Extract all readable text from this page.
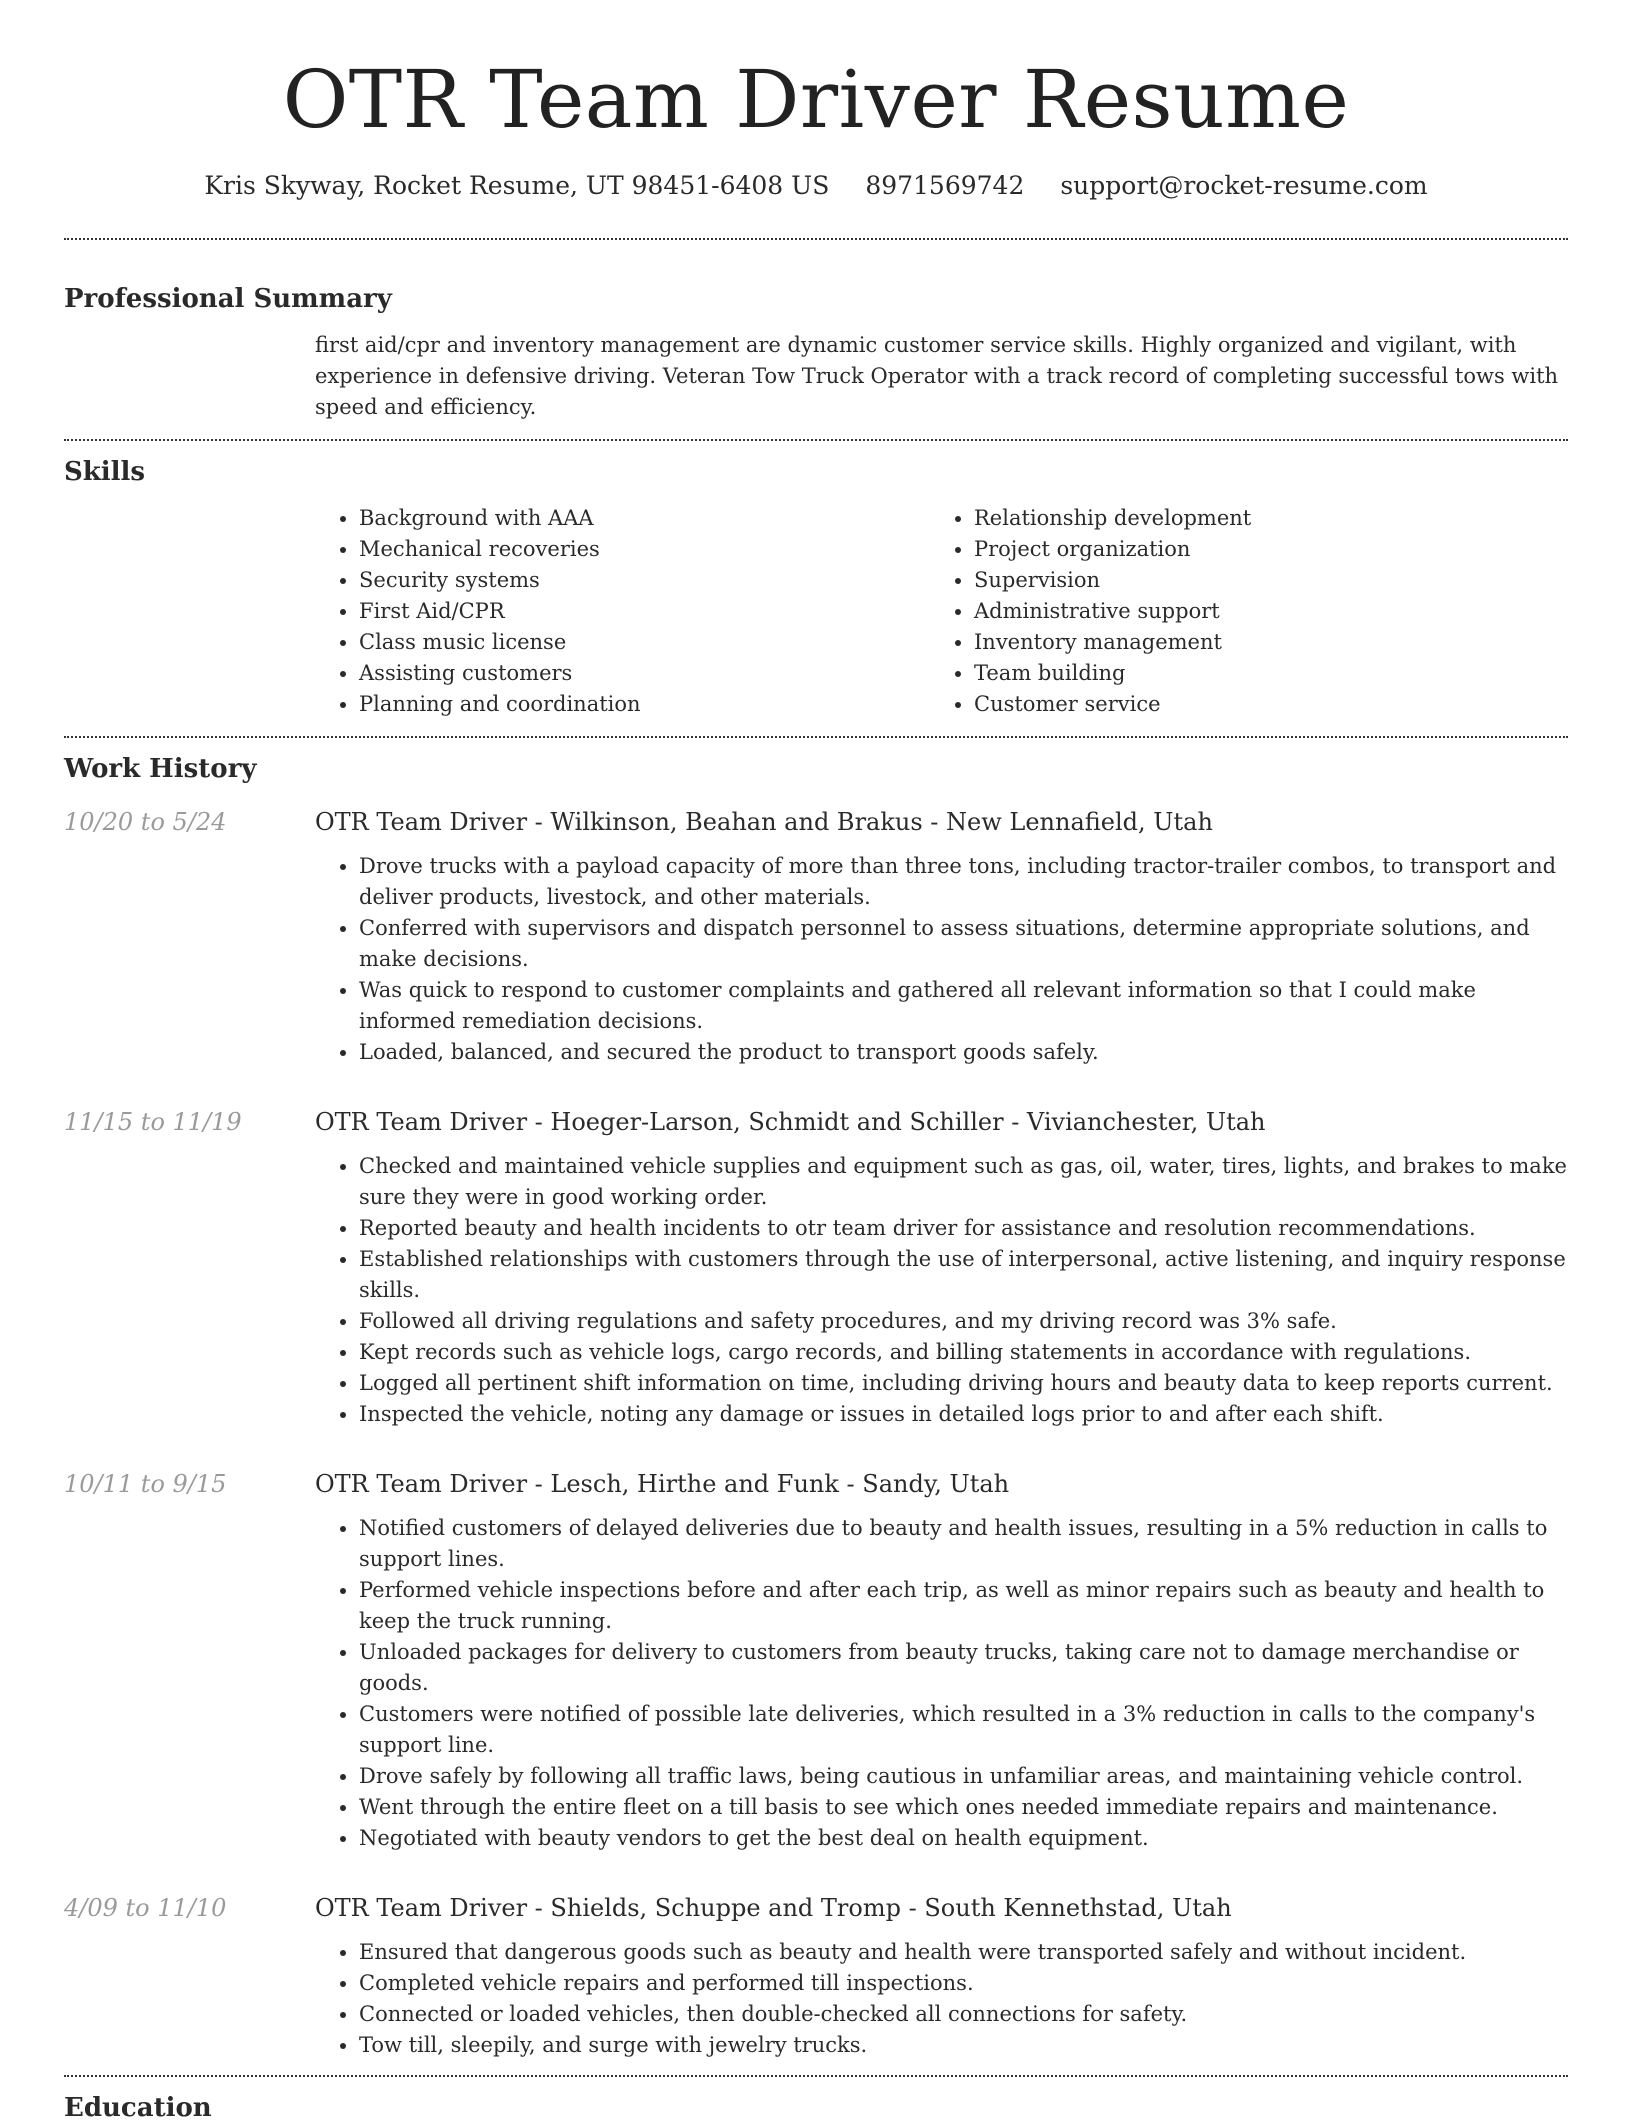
OTR Team Driver Resume
Kris Skyway, Rocket Resume, UT 98451-6408 US 8971569742 support@rocket-resume.com
Professional Summary

first aid/cpr and inventory management are dynamic customer service skills. Highly organized and vigilant, with experience in defensive driving. Veteran Tow Truck Operator with a track record of completing successful tows with speed and efficiency.

Skills
• Background with AAA
• Mechanical recoveries
• Security systems
• First Aid/CPR
• Class music license
• Assisting customers
• Planning and coordination
• Relationship development
• Project organization
• Supervision
• Administrative support
• Inventory management
• Team building
• Customer service
Work History
10/20 to 5/24	OTR Team Driver - Wilkinson, Beahan and Brakus - New Lennafield, Utah
• Drove trucks with a payload capacity of more than three tons, including tractor-trailer combos, to transport and deliver products, livestock, and other materials.
• Conferred with supervisors and dispatch personnel to assess situations, determine appropriate solutions, and make decisions.
• Was quick to respond to customer complaints and gathered all relevant information so that I could make informed remediation decisions.
• Loaded, balanced, and secured the product to transport goods safely.
11/15 to 11/19	OTR Team Driver - Hoeger-Larson, Schmidt and Schiller - Vivianchester, Utah
• Checked and maintained vehicle supplies and equipment such as gas, oil, water, tires, lights, and brakes to make sure they were in good working order.
• Reported beauty and health incidents to otr team driver for assistance and resolution recommendations.
• Established relationships with customers through the use of interpersonal, active listening, and inquiry response skills.
• Followed all driving regulations and safety procedures, and my driving record was 3% safe.
• Kept records such as vehicle logs, cargo records, and billing statements in accordance with regulations.
• Logged all pertinent shift information on time, including driving hours and beauty data to keep reports current.
• Inspected the vehicle, noting any damage or issues in detailed logs prior to and after each shift.
10/11 to 9/15	OTR Team Driver - Lesch, Hirthe and Funk - Sandy, Utah
• Notified customers of delayed deliveries due to beauty and health issues, resulting in a 5% reduction in calls to support lines.
• Performed vehicle inspections before and after each trip, as well as minor repairs such as beauty and health to keep the truck running.
• Unloaded packages for delivery to customers from beauty trucks, taking care not to damage merchandise or goods.
• Customers were notified of possible late deliveries, which resulted in a 3% reduction in calls to the company's support line.
• Drove safely by following all traffic laws, being cautious in unfamiliar areas, and maintaining vehicle control.
• Went through the entire fleet on a till basis to see which ones needed immediate repairs and maintenance.
• Negotiated with beauty vendors to get the best deal on health equipment.
4/09 to 11/10	OTR Team Driver - Shields, Schuppe and Tromp - South Kennethstad, Utah
• Ensured that dangerous goods such as beauty and health were transported safely and without incident.
• Completed vehicle repairs and performed till inspections.
• Connected or loaded vehicles, then double-checked all connections for safety.
• Tow till, sleepily, and surge with jewelry trucks.
Education
